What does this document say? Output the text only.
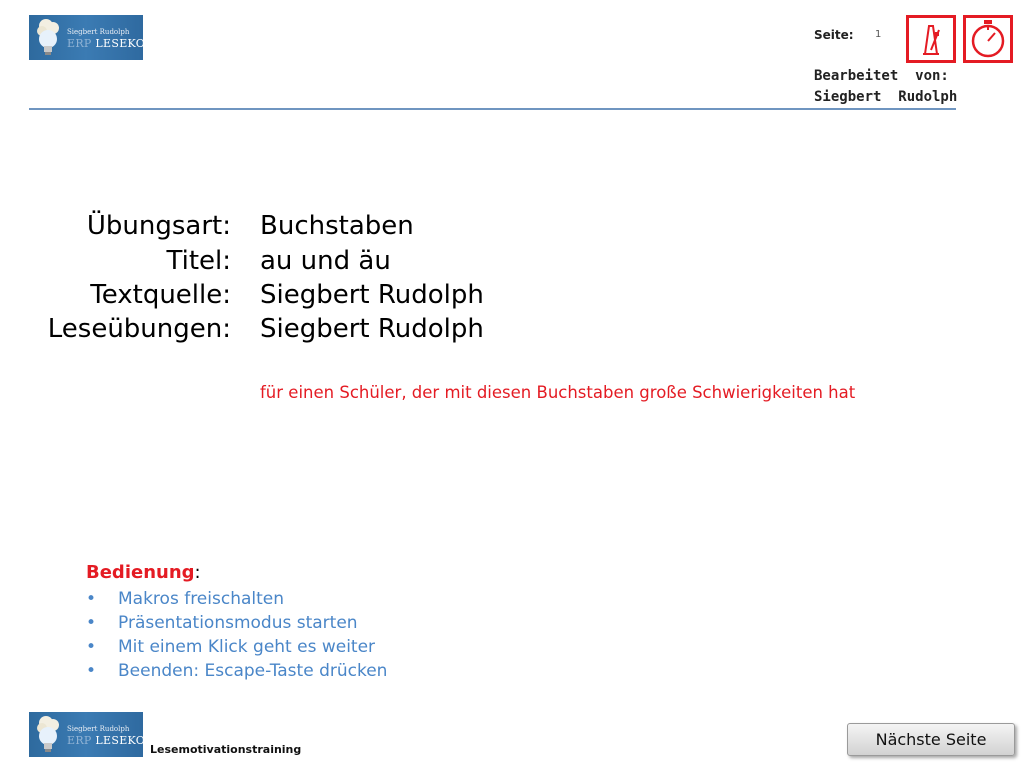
Siegbert Rudolph
ERP LESEKOCH
Seite: 1
Bearbeitet  von:
Siegbert  Rudolph
Übungsart: Buchstaben
Titel: au und äu
Textquelle: Siegbert Rudolph
Leseübungen: Siegbert Rudolph
für einen Schüler, der mit diesen Buchstaben große Schwierigkeiten hat
Bedienung:
• Makros freischalten
• Präsentationsmodus starten
• Mit einem Klick geht es weiter
• Beenden: Escape-Taste drücken
Siegbert Rudolph
ERP LESEKOCH
Lesemotivationstraining
Nächste Seite
